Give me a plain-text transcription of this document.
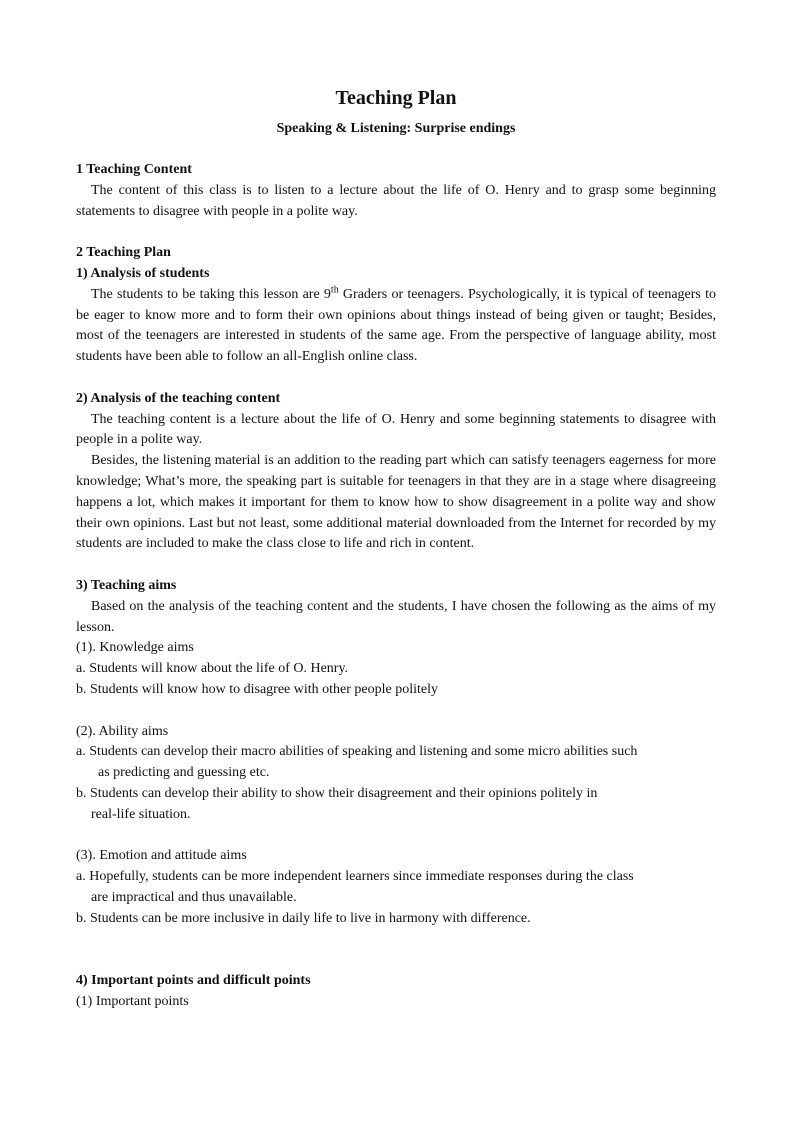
Teaching Plan
Speaking & Listening: Surprise endings

1 Teaching Content

The content of this class is to listen to a lecture about the life of O. Henry and to grasp some beginning statements to disagree with people in a polite way.

2 Teaching Plan

1) Analysis of students

The students to be taking this lesson are 9th Graders or teenagers. Psychologically, it is typical of teenagers to be eager to know more and to form their own opinions about things instead of being given or taught; Besides, most of the teenagers are interested in students of the same age. From the perspective of language ability, most students have been able to follow an all-English online class.

2) Analysis of the teaching content

The teaching content is a lecture about the life of O. Henry and some beginning statements to disagree with people in a polite way.

Besides, the listening material is an addition to the reading part which can satisfy teenagers eagerness for more knowledge; What’s more, the speaking part is suitable for teenagers in that they are in a stage where disagreeing happens a lot, which makes it important for them to know how to show disagreement in a polite way and show their own opinions. Last but not least, some additional material downloaded from the Internet for recorded by my students are included to make the class close to life and rich in content.

3) Teaching aims

Based on the analysis of the teaching content and the students, I have chosen the following as the aims of my lesson.

(1). Knowledge aims

a. Students will know about the life of O. Henry.

b. Students will know how to disagree with other people politely

(2). Ability aims

a. Students can develop their macro abilities of speaking and listening and some micro abilities such

as predicting and guessing etc.

b. Students can develop their ability to show their disagreement and their opinions politely in

real-life situation.

(3). Emotion and attitude aims

a. Hopefully, students can be more independent learners since immediate responses during the class

are impractical and thus unavailable.

b. Students can be more inclusive in daily life to live in harmony with difference.

4) Important points and difficult points

(1) Important points
